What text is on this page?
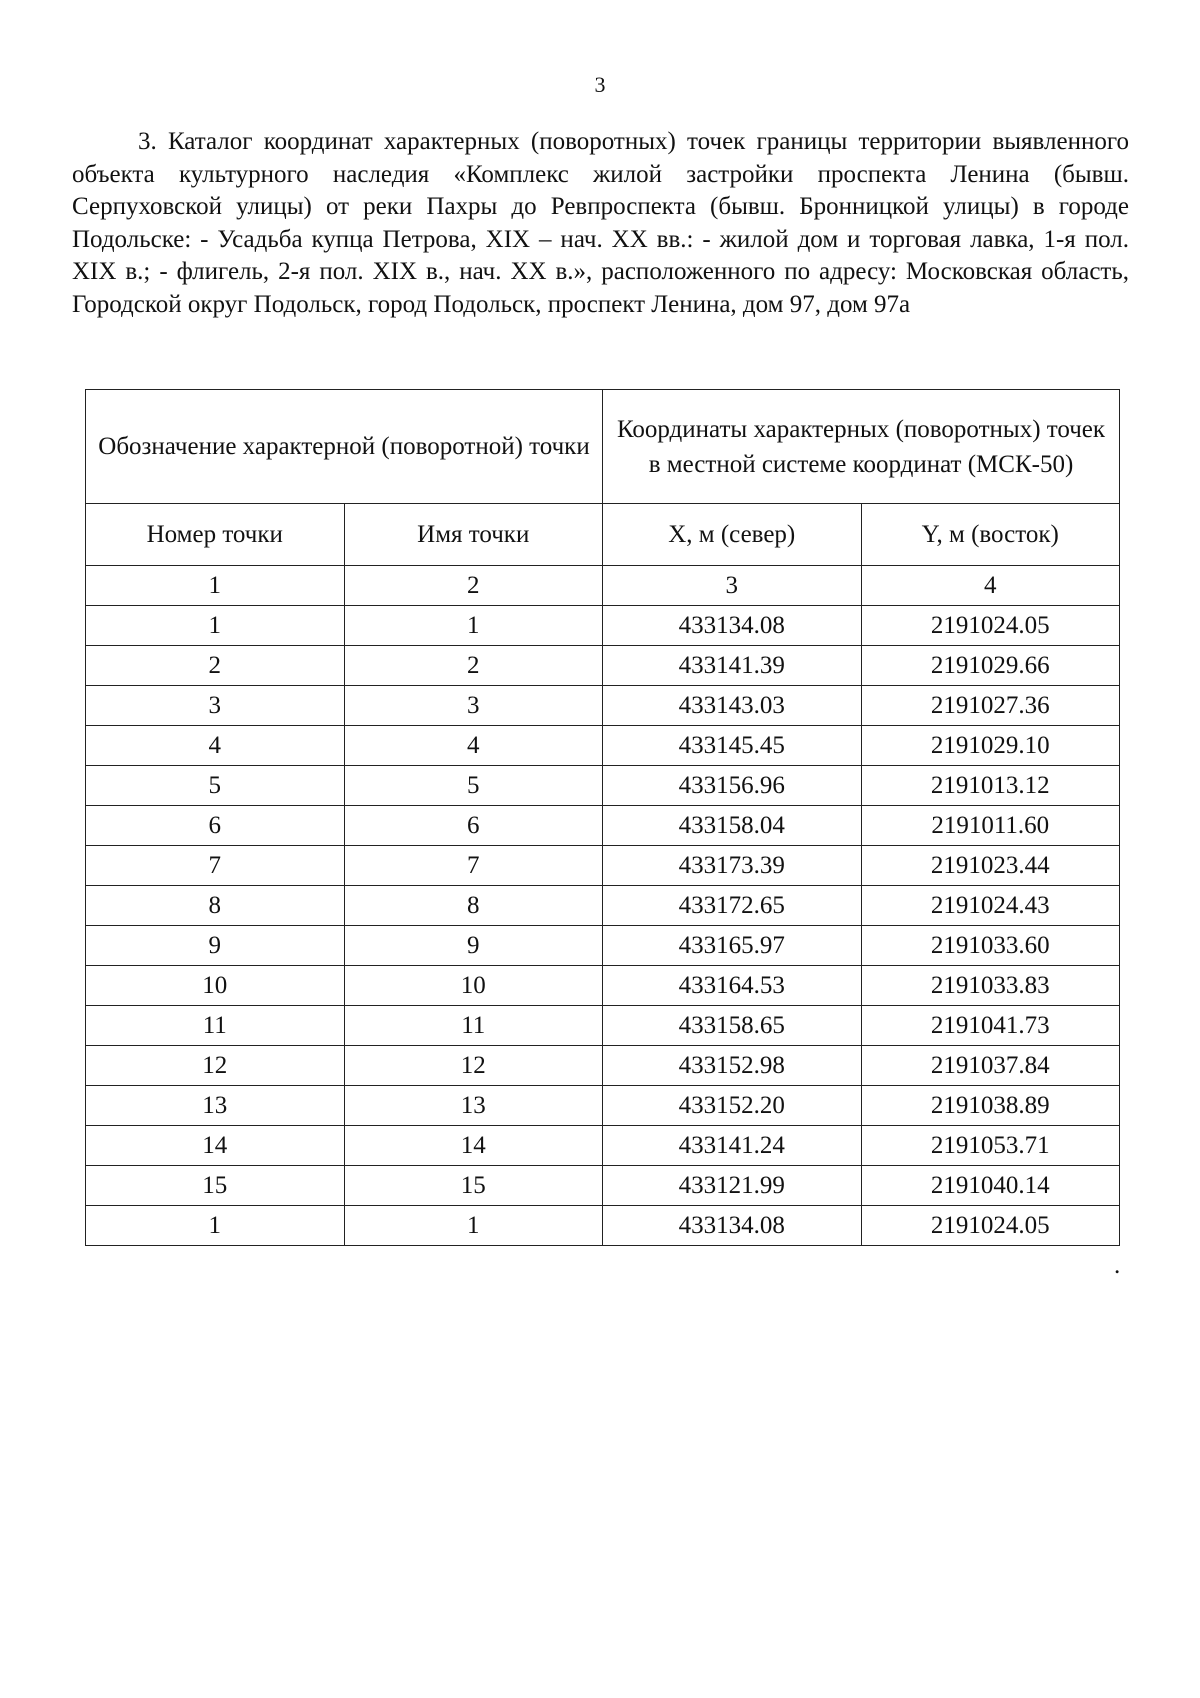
3

3. Каталог координат характерных (поворотных) точек границы территории выявленного объекта культурного наследия «Комплекс жилой застройки проспекта Ленина (бывш. Серпуховской улицы) от реки Пахры до Ревпроспекта (бывш. Бронницкой улицы) в городе Подольске: - Усадьба купца Петрова, XIX – нач. XX вв.: - жилой дом и торговая лавка, 1-я пол. XIX в.; - флигель, 2-я пол. XIX в., нач. XX в.», расположенного по адресу: Московская область, Городской округ Подольск, город Подольск, проспект Ленина, дом 97, дом 97а

Обозначение характерной (поворотной) точки		Координаты характерных (поворотных) точек в местной системе координат (МСК-50)	
Номер точки	Имя точки	X, м (север)	Y, м (восток)
1	2	3	4
1	1	433134.08	2191024.05
2	2	433141.39	2191029.66
3	3	433143.03	2191027.36
4	4	433145.45	2191029.10
5	5	433156.96	2191013.12
6	6	433158.04	2191011.60
7	7	433173.39	2191023.44
8	8	433172.65	2191024.43
9	9	433165.97	2191033.60
10	10	433164.53	2191033.83
11	11	433158.65	2191041.73
12	12	433152.98	2191037.84
13	13	433152.20	2191038.89
14	14	433141.24	2191053.71
15	15	433121.99	2191040.14
1	1	433134.08	2191024.05
.
